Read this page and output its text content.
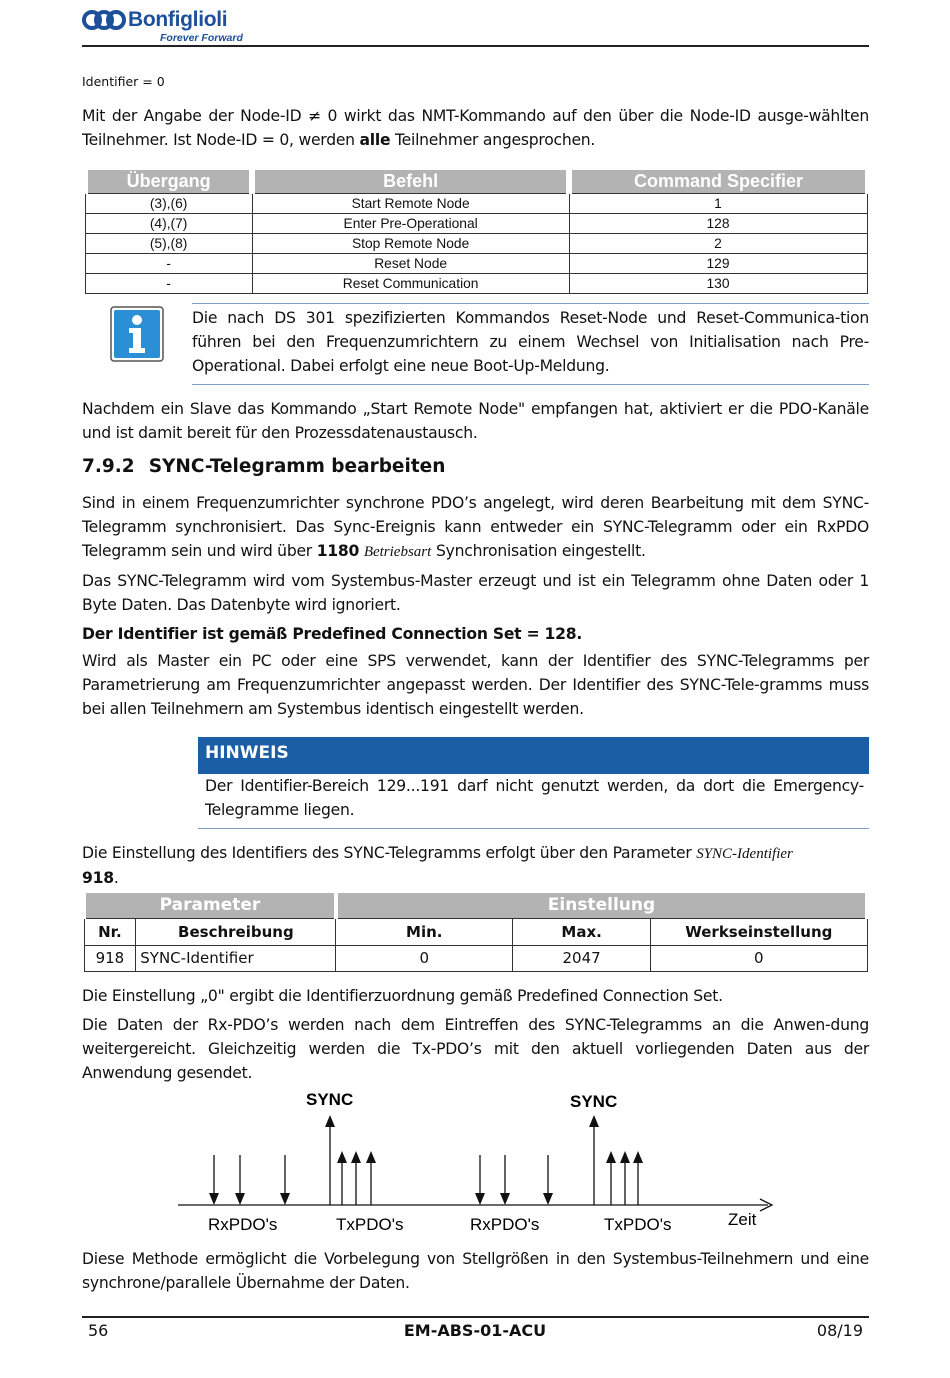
Bonfiglioli
Forever Forward
Identifier = 0
Mit der Angabe der Node-ID ≠ 0 wirkt das NMT-Kommando auf den über die Node-ID ausge-wählten Teilnehmer. Ist Node-ID = 0, werden alle Teilnehmer angesprochen.
Übergang	Befehl	Command Specifier
(3),(6)	Start Remote Node	1
(4),(7)	Enter Pre-Operational	128
(5),(8)	Stop Remote Node	2
-	Reset Node	129
-	Reset Communication	130
Die nach DS 301 spezifizierten Kommandos Reset-Node und Reset-Communica-tion führen bei den Frequenzumrichtern zu einem Wechsel von Initialisation nach Pre-Operational. Dabei erfolgt eine neue Boot-Up-Meldung.
Nachdem ein Slave das Kommando „Start Remote Node" empfangen hat, aktiviert er die PDO-Kanäle und ist damit bereit für den Prozessdatenaustausch.
7.9.2 SYNC-Telegramm bearbeiten
Sind in einem Frequenzumrichter synchrone PDO’s angelegt, wird deren Bearbeitung mit dem SYNC-Telegramm synchronisiert. Das Sync-Ereignis kann entweder ein SYNC-Telegramm oder ein RxPDO Telegramm sein und wird über 1180 Betriebsart Synchronisation eingestellt.
Das SYNC-Telegramm wird vom Systembus-Master erzeugt und ist ein Telegramm ohne Daten oder 1 Byte Daten. Das Datenbyte wird ignoriert.
Der Identifier ist gemäß Predefined Connection Set = 128.
Wird als Master ein PC oder eine SPS verwendet, kann der Identifier des SYNC-Telegramms per Parametrierung am Frequenzumrichter angepasst werden. Der Identifier des SYNC-Tele-gramms muss bei allen Teilnehmern am Systembus identisch eingestellt werden.
HINWEIS
Der Identifier-Bereich 129...191 darf nicht genutzt werden, da dort die Emergency-Telegramme liegen.
Die Einstellung des Identifiers des SYNC-Telegramms erfolgt über den Parameter SYNC-Identifier
918.
Parameter		Einstellung		
Nr.	Beschreibung	Min.	Max.	Werkseinstellung
918	SYNC-Identifier	0	2047	0
Die Einstellung „0" ergibt die Identifierzuordnung gemäß Predefined Connection Set.
Die Daten der Rx-PDO’s werden nach dem Eintreffen des SYNC-Telegramms an die Anwen-dung weitergereicht. Gleichzeitig werden die Tx-PDO’s mit den aktuell vorliegenden Daten aus der Anwendung gesendet.
SYNC	SYNC
RxPDO's	TxPDO's	RxPDO's	TxPDO's	Zeit
Diese Methode ermöglicht die Vorbelegung von Stellgrößen in den Systembus-Teilnehmern und eine synchrone/parallele Übernahme der Daten.
56	EM-ABS-01-ACU	08/19
